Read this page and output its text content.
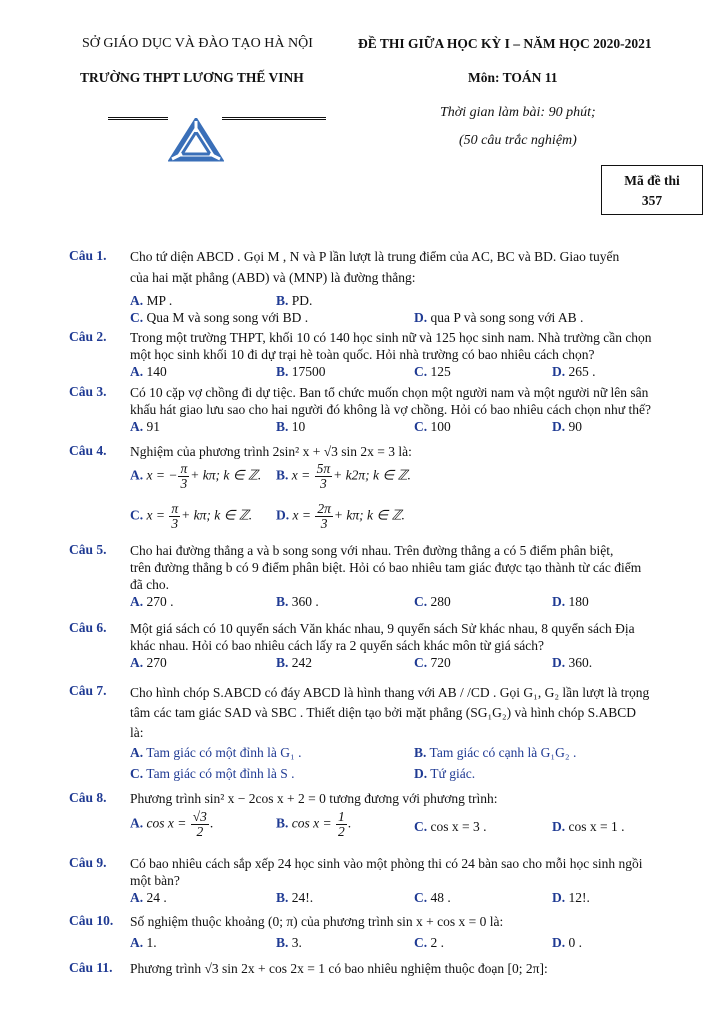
SỞ GIÁO DỤC VÀ ĐÀO TẠO HÀ NỘI
TRƯỜNG THPT LƯƠNG THẾ VINH
ĐỀ THI GIỮA HỌC KỲ I – NĂM HỌC 2020-2021
Môn: TOÁN 11
Thời gian làm bài: 90 phút;
(50 câu trắc nghiệm)
Mã đề thi
357
Câu 1. Cho tứ diện ABCD . Gọi M , N và P lần lượt là trung điểm của AC, BC và BD. Giao tuyến
của hai mặt phẳng (ABD) và (MNP) là đường thẳng:
A. MP .	B. PD.
C. Qua M và song song với BD .	D. qua P và song song với AB .
Câu 2. Trong một trường THPT, khối 10 có 140 học sinh nữ và 125 học sinh nam. Nhà trường cần chọn
một học sinh khối 10 đi dự trại hè toàn quốc. Hỏi nhà trường có bao nhiêu cách chọn?
A. 140	B. 17500	C. 125	D. 265 .
Câu 3. Có 10 cặp vợ chồng đi dự tiệc. Ban tổ chức muốn chọn một người nam và một người nữ lên sân
khấu hát giao lưu sao cho hai người đó không là vợ chồng. Hỏi có bao nhiêu cách chọn như thế?
A. 91	B. 10	C. 100	D. 90
Câu 4. Nghiệm của phương trình 2sin² x + √3 sin 2x = 3 là:
A. x = − $\frac{\pi}{3} + k\pi$; k ∈ ℤ. B. $x = \frac{5\pi}{3} + k2\pi$; k ∈ ℤ.
C. $x = \frac{\pi}{3} + k\pi$; k ∈ ℤ. D. $x = \frac{2\pi}{3} + k\pi$; k ∈ ℤ.
Câu 5. Cho hai đường thẳng a và b song song với nhau. Trên đường thẳng a có 5 điểm phân biệt,
trên đường thẳng b có 9 điểm phân biệt. Hỏi có bao nhiêu tam giác được tạo thành từ các điểm
đã cho.
A. 270 .	B. 360 .	C. 280	D. 180
Câu 6. Một giá sách có 10 quyển sách Văn khác nhau, 9 quyển sách Sử khác nhau, 8 quyển sách Địa
khác nhau. Hỏi có bao nhiêu cách lấy ra 2 quyển sách khác môn từ giá sách?
A. 270	B. 242	C. 720	D. 360.
Câu 7. Cho hình chóp S.ABCD có đáy ABCD là hình thang với AB / /CD . Gọi G₁, G₂ lần lượt là trọng
tâm các tam giác SAD và SBC . Thiết diện tạo bởi mặt phẳng (SG₁G₂) và hình chóp S.ABCD
là:
A. Tam giác có một đỉnh là G₁ .	B. Tam giác có cạnh là G₁G₂ .
C. Tam giác có một đỉnh là S .	D. Tứ giác.
Câu 8. Phương trình sin² x − 2cos x + 2 = 0 tương đương với phương trình:
A. $\cos x = \frac{√3}{2}$ .	B. $\cos x = \frac{1}{2}$ .	C. cos x = 3 .	D. cos x = 1 .
Câu 9. Có bao nhiêu cách sắp xếp 24 học sinh vào một phòng thi có 24 bàn sao cho mỗi học sinh ngồi
một bàn?
A. 24 .	B. 24!.	C. 48 .	D. 12!.
Câu 10. Số nghiệm thuộc khoảng (0; π) của phương trình sin x + cos x = 0 là:
A. 1.	B. 3.	C. 2 .	D. 0 .
Câu 11. Phương trình √3 sin 2x + cos 2x = 1 có bao nhiêu nghiệm thuộc đoạn [0; 2π]:
